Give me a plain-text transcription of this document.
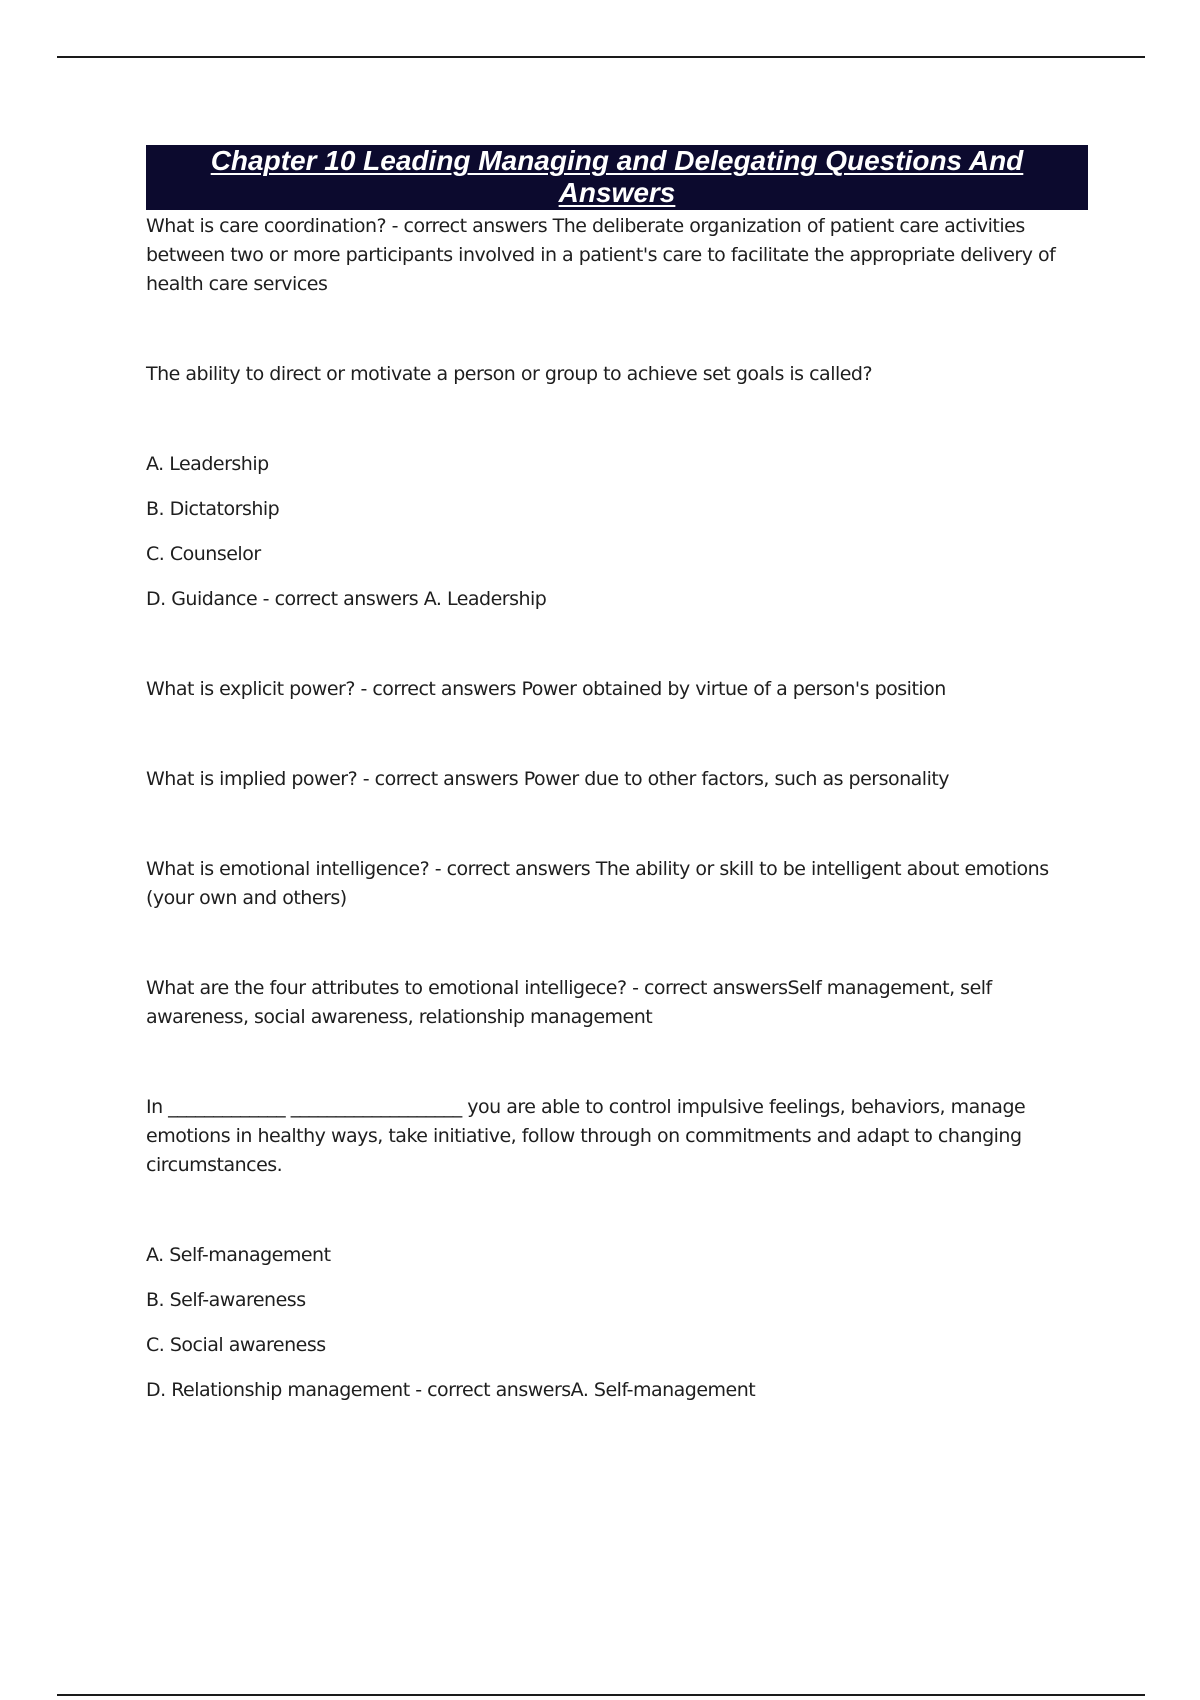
Chapter 10 Leading Managing and Delegating Questions And
Answers

What is care coordination? - correct answers The deliberate organization of patient care activities between two or more participants involved in a patient's care to facilitate the appropriate delivery of health care services

The ability to direct or motivate a person or group to achieve set goals is called?

A. Leadership

B. Dictatorship

C. Counselor

D. Guidance - correct answers A. Leadership

What is explicit power? - correct answers Power obtained by virtue of a person's position

What is implied power? - correct answers Power due to other factors, such as personality

What is emotional intelligence? - correct answers The ability or skill to be intelligent about emotions (your own and others)

What are the four attributes to emotional intelligece? - correct answersSelf management, self awareness, social awareness, relationship management

In _____________ ___________________ you are able to control impulsive feelings, behaviors, manage emotions in healthy ways, take initiative, follow through on commitments and adapt to changing circumstances.

A. Self-management

B. Self-awareness

C. Social awareness

D. Relationship management - correct answersA. Self-management
